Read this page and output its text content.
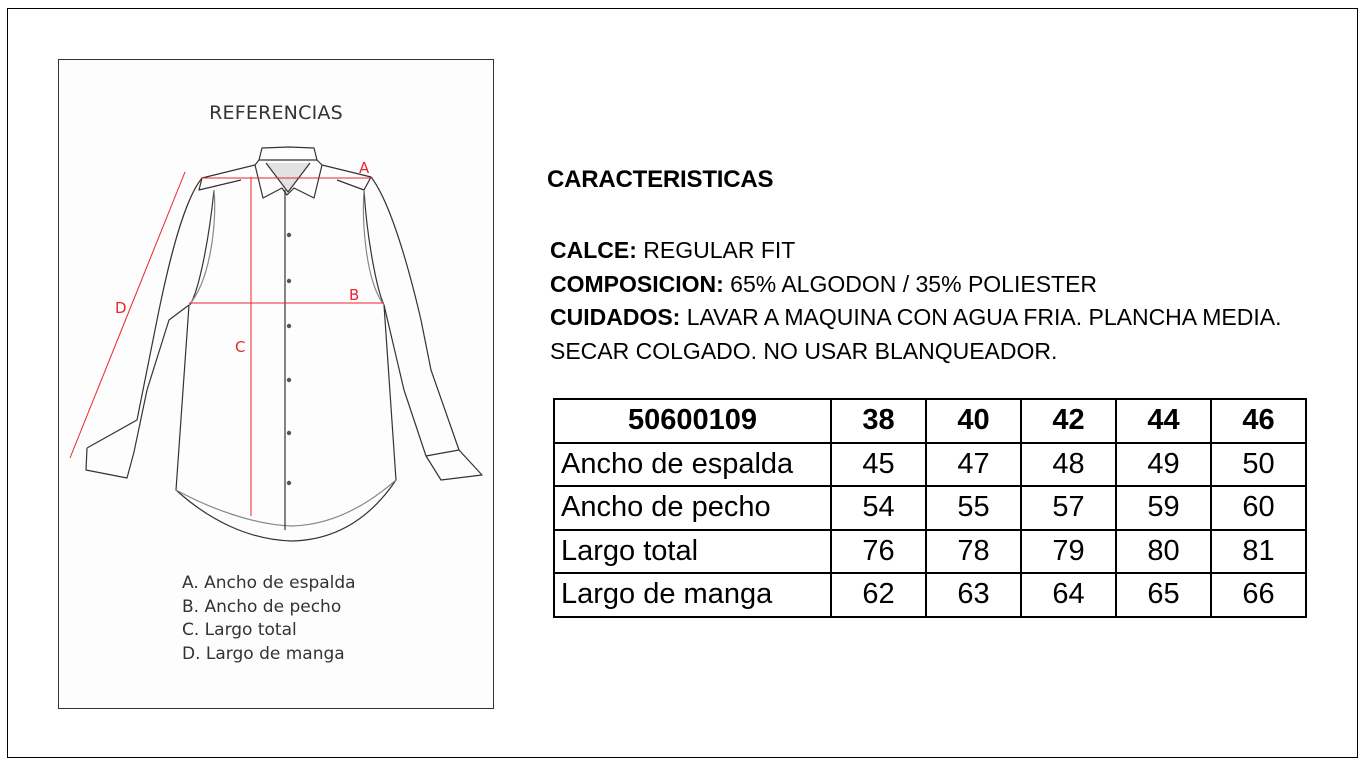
REFERENCIAS
A
B
C
D
A. Ancho de espalda
B. Ancho de pecho
C. Largo total
D. Largo de manga
CARACTERISTICAS
CALCE: REGULAR FIT
COMPOSICION: 65% ALGODON / 35% POLIESTER
CUIDADOS: LAVAR A MAQUINA CON AGUA FRIA. PLANCHA MEDIA.
SECAR COLGADO. NO USAR BLANQUEADOR.
50600109	38	40	42	44	46
Ancho de espalda	45	47	48	49	50
Ancho de pecho	54	55	57	59	60
Largo total	76	78	79	80	81
Largo de manga	62	63	64	65	66
